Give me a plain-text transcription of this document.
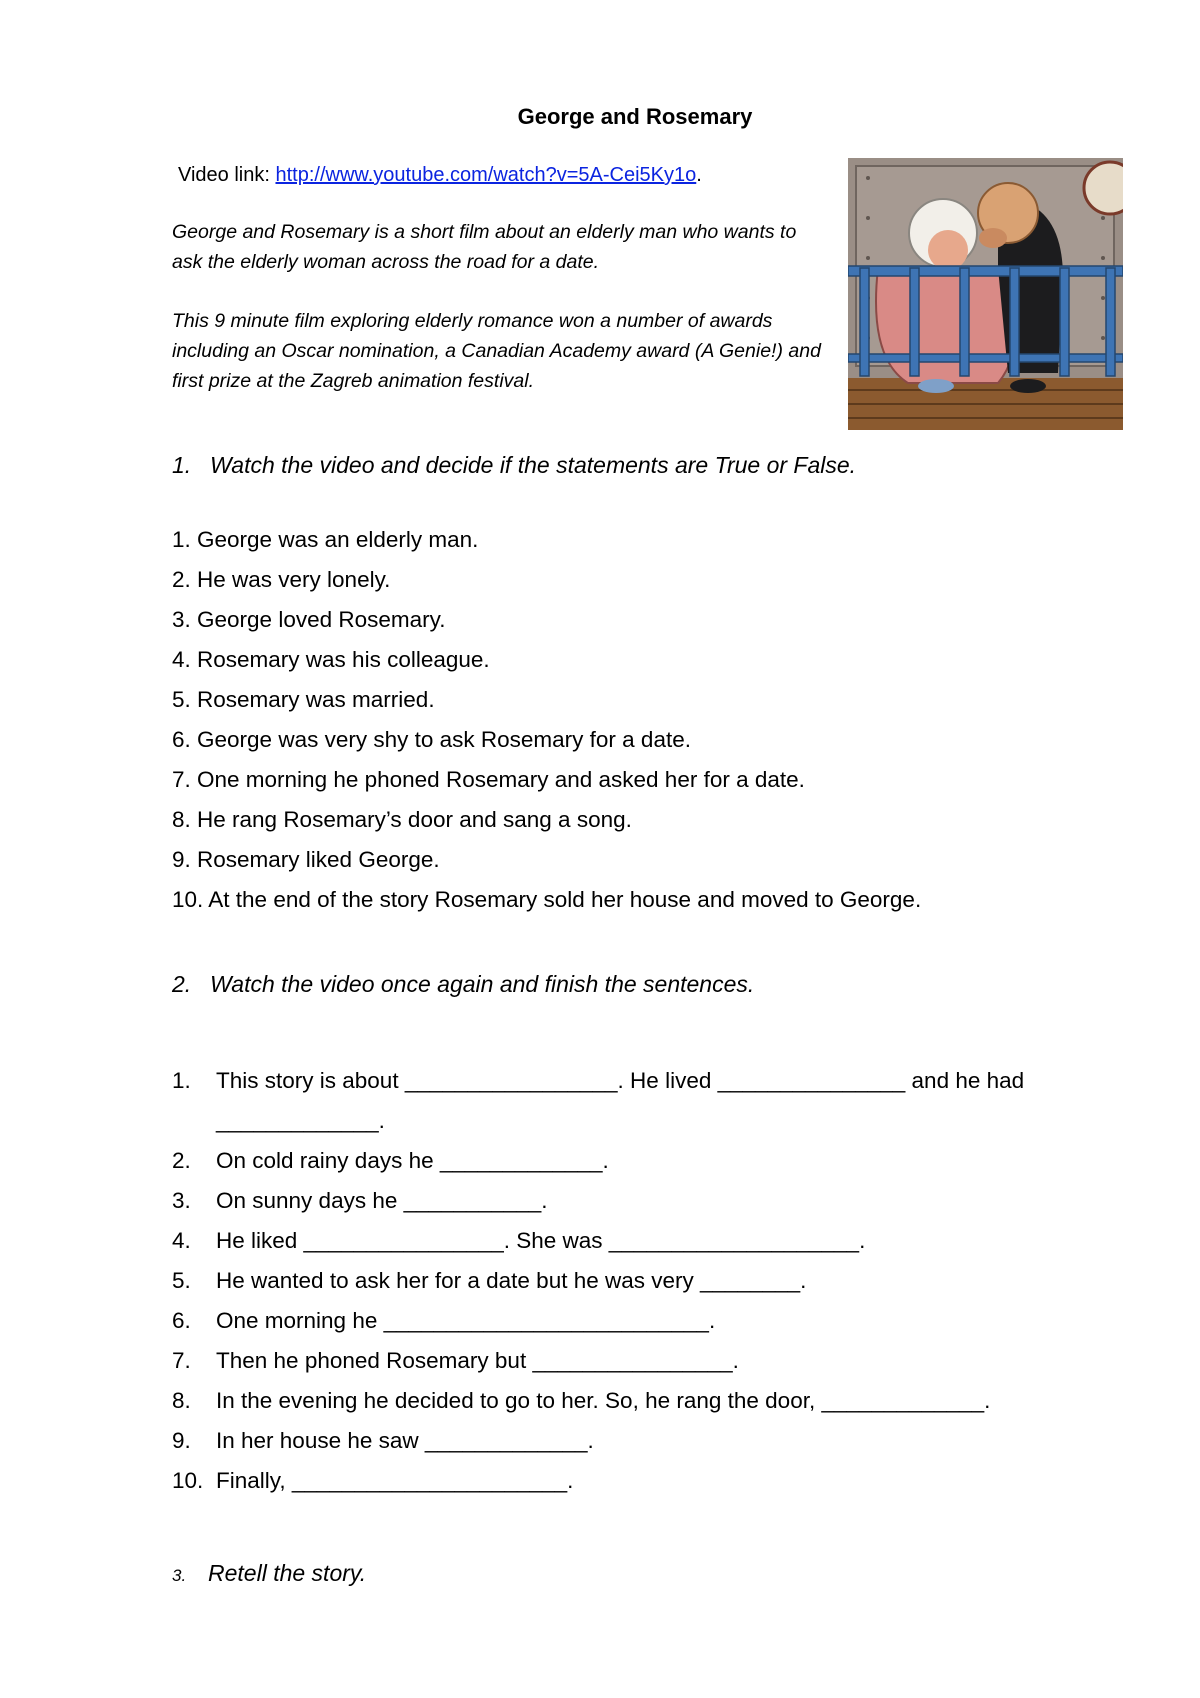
George and Rosemary
Video link: http://www.youtube.com/watch?v=5A-Cei5Ky1o.

George and Rosemary is a short film about an elderly man who wants to ask the elderly woman across the road for a date.

This 9 minute film exploring elderly romance won a number of awards including an Oscar nomination, a Canadian Academy award (A Genie!) and first prize at the Zagreb animation festival.

1. Watch the video and decide if the statements are True or False.
1. George was an elderly man.
2. He was very lonely.
3. George loved Rosemary.
4. Rosemary was his colleague.
5. Rosemary was married.
6. George was very shy to ask Rosemary for a date.
7. One morning he phoned Rosemary and asked her for a date.
8. He rang Rosemary’s door and sang a song.
9. Rosemary liked George.
10. At the end of the story Rosemary sold her house and moved to George.
2. Watch the video once again and finish the sentences.
1.	This story is about _________________. He lived _______________ and he had _____________.
2.	On cold rainy days he _____________.
3.	On sunny days he ___________.
4.	He liked ________________. She was ____________________.
5.	He wanted to ask her for a date but he was very ________.
6.	One morning he __________________________.
7.	Then he phoned Rosemary but ________________.
8.	In the evening he decided to go to her. So, he rang the door, _____________.
9.	In her house he saw _____________.
10. Finally, ______________________.
3. Retell the story.
